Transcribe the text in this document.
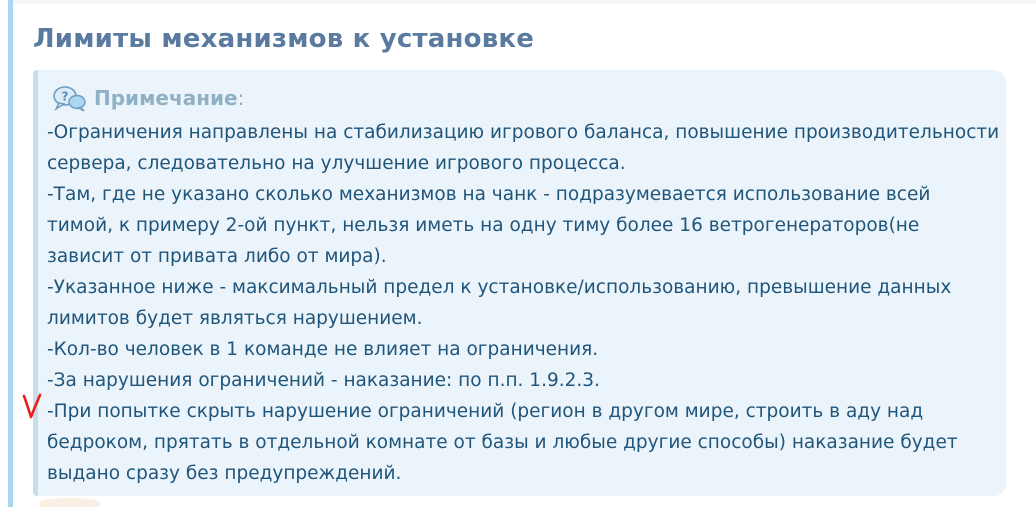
Лимиты механизмов к установке
? Примечание :

-Ограничения направлены на стабилизацию игрового баланса, повышение производительности сервера, следовательно на улучшение игрового процесса.

-Там, где не указано сколько механизмов на чанк - подразумевается использование всей тимой, к примеру 2-ой пункт, нельзя иметь на одну тиму более 16 ветрогенераторов(не зависит от привата либо от мира).

-Указанное ниже - максимальный предел к установке/использованию, превышение данных лимитов будет являться нарушением.

-Кол-во человек в 1 команде не влияет на ограничения.

-За нарушения ограничений - наказание: по п.п. 1.9.2.3.

-При попытке скрыть нарушение ограничений (регион в другом мире, строить в аду над бедроком, прятать в отдельной комнате от базы и любые другие способы) наказание будет выдано сразу без предупреждений.
